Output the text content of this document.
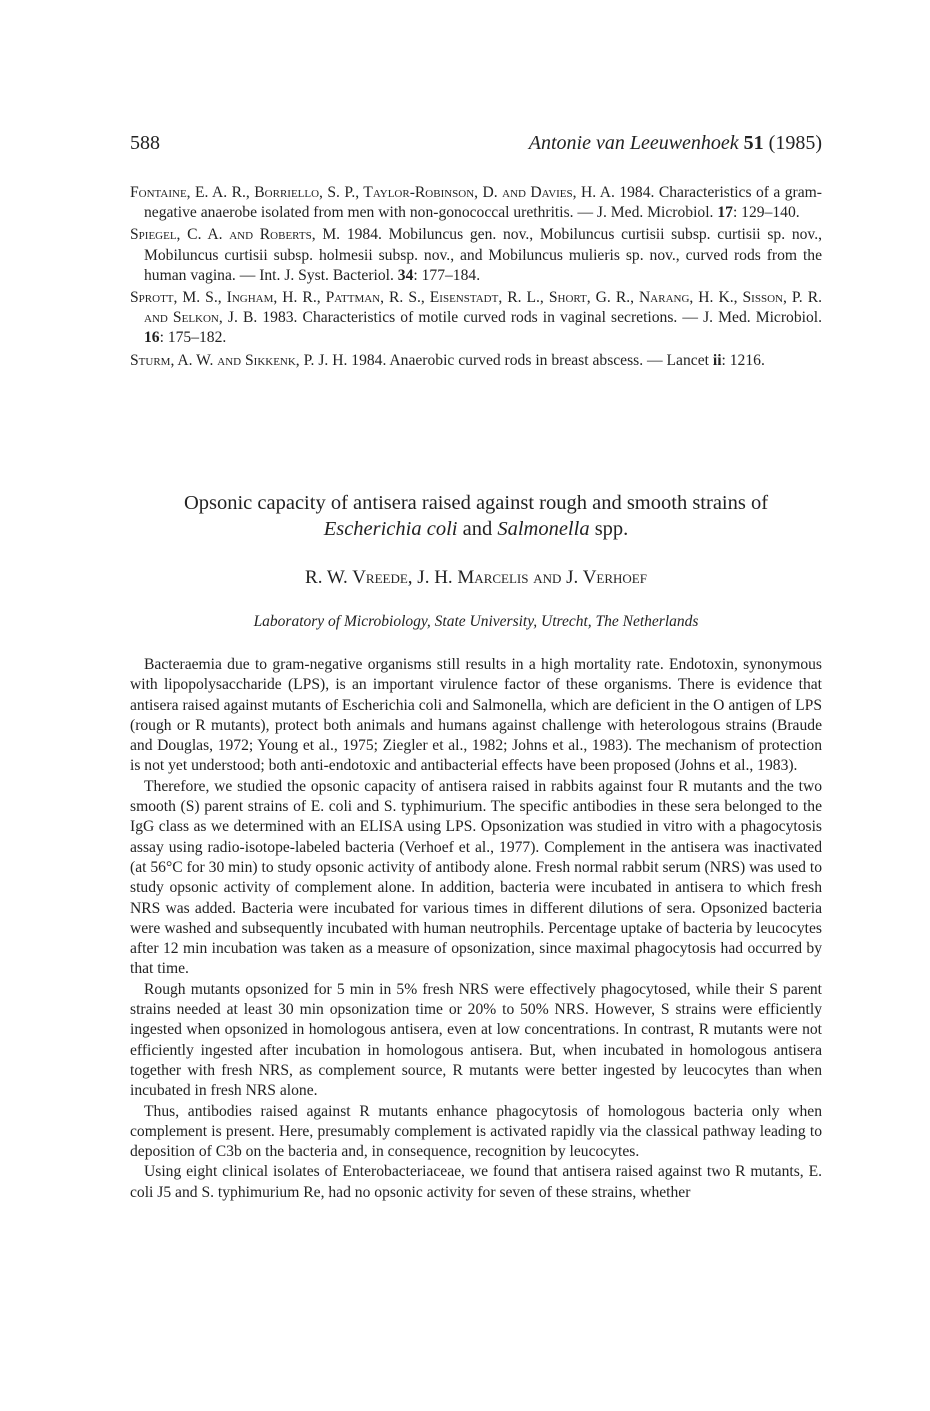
588	Antonie van Leeuwenhoek 51 (1985)

Fontaine, E. A. R., Borriello, S. P., Taylor-Robinson, D. and Davies, H. A. 1984. Characteristics of a gram-negative anaerobe isolated from men with non-gonococcal urethritis. — J. Med. Microbiol. 17: 129–140.

Spiegel, C. A. and Roberts, M. 1984. Mobiluncus gen. nov., Mobiluncus curtisii subsp. curtisii sp. nov., Mobiluncus curtisii subsp. holmesii subsp. nov., and Mobiluncus mulieris sp. nov., curved rods from the human vagina. — Int. J. Syst. Bacteriol. 34: 177–184.

Sprott, M. S., Ingham, H. R., Pattman, R. S., Eisenstadt, R. L., Short, G. R., Narang, H. K., Sisson, P. R. and Selkon, J. B. 1983. Characteristics of motile curved rods in vaginal secretions. — J. Med. Microbiol. 16: 175–182.

Sturm, A. W. and Sikkenk, P. J. H. 1984. Anaerobic curved rods in breast abscess. — Lancet ii: 1216.

Opsonic capacity of antisera raised against rough and smooth strains of
Escherichia coli and Salmonella spp.
R. W. Vreede, J. H. Marcelis and J. Verhoef
Laboratory of Microbiology, State University, Utrecht, The Netherlands

Bacteraemia due to gram-negative organisms still results in a high mortality rate. Endotoxin, synonymous with lipopolysaccharide (LPS), is an important virulence factor of these organisms. There is evidence that antisera raised against mutants of Escherichia coli and Salmonella, which are deficient in the O antigen of LPS (rough or R mutants), protect both animals and humans against challenge with heterologous strains (Braude and Douglas, 1972; Young et al., 1975; Ziegler et al., 1982; Johns et al., 1983). The mechanism of protection is not yet understood; both anti-endotoxic and antibacterial effects have been proposed (Johns et al., 1983).

Therefore, we studied the opsonic capacity of antisera raised in rabbits against four R mutants and the two smooth (S) parent strains of E. coli and S. typhimurium. The specific antibodies in these sera belonged to the IgG class as we determined with an ELISA using LPS. Opsonization was studied in vitro with a phagocytosis assay using radio-isotope-labeled bacteria (Verhoef et al., 1977). Complement in the antisera was inactivated (at 56°C for 30 min) to study opsonic activity of antibody alone. Fresh normal rabbit serum (NRS) was used to study opsonic activity of complement alone. In addition, bacteria were incubated in antisera to which fresh NRS was added. Bacteria were incubated for various times in different dilutions of sera. Opsonized bacteria were washed and subsequently incubated with human neutrophils. Percentage uptake of bacteria by leucocytes after 12 min incubation was taken as a measure of opsonization, since maximal phagocytosis had occurred by that time.

Rough mutants opsonized for 5 min in 5% fresh NRS were effectively phagocytosed, while their S parent strains needed at least 30 min opsonization time or 20% to 50% NRS. However, S strains were efficiently ingested when opsonized in homologous antisera, even at low concentrations. In contrast, R mutants were not efficiently ingested after incubation in homologous antisera. But, when incubated in homologous antisera together with fresh NRS, as complement source, R mutants were better ingested by leucocytes than when incubated in fresh NRS alone.

Thus, antibodies raised against R mutants enhance phagocytosis of homologous bacteria only when complement is present. Here, presumably complement is activated rapidly via the classical pathway leading to deposition of C3b on the bacteria and, in consequence, recognition by leucocytes.

Using eight clinical isolates of Enterobacteriaceae, we found that antisera raised against two R mutants, E. coli J5 and S. typhimurium Re, had no opsonic activity for seven of these strains, whether
